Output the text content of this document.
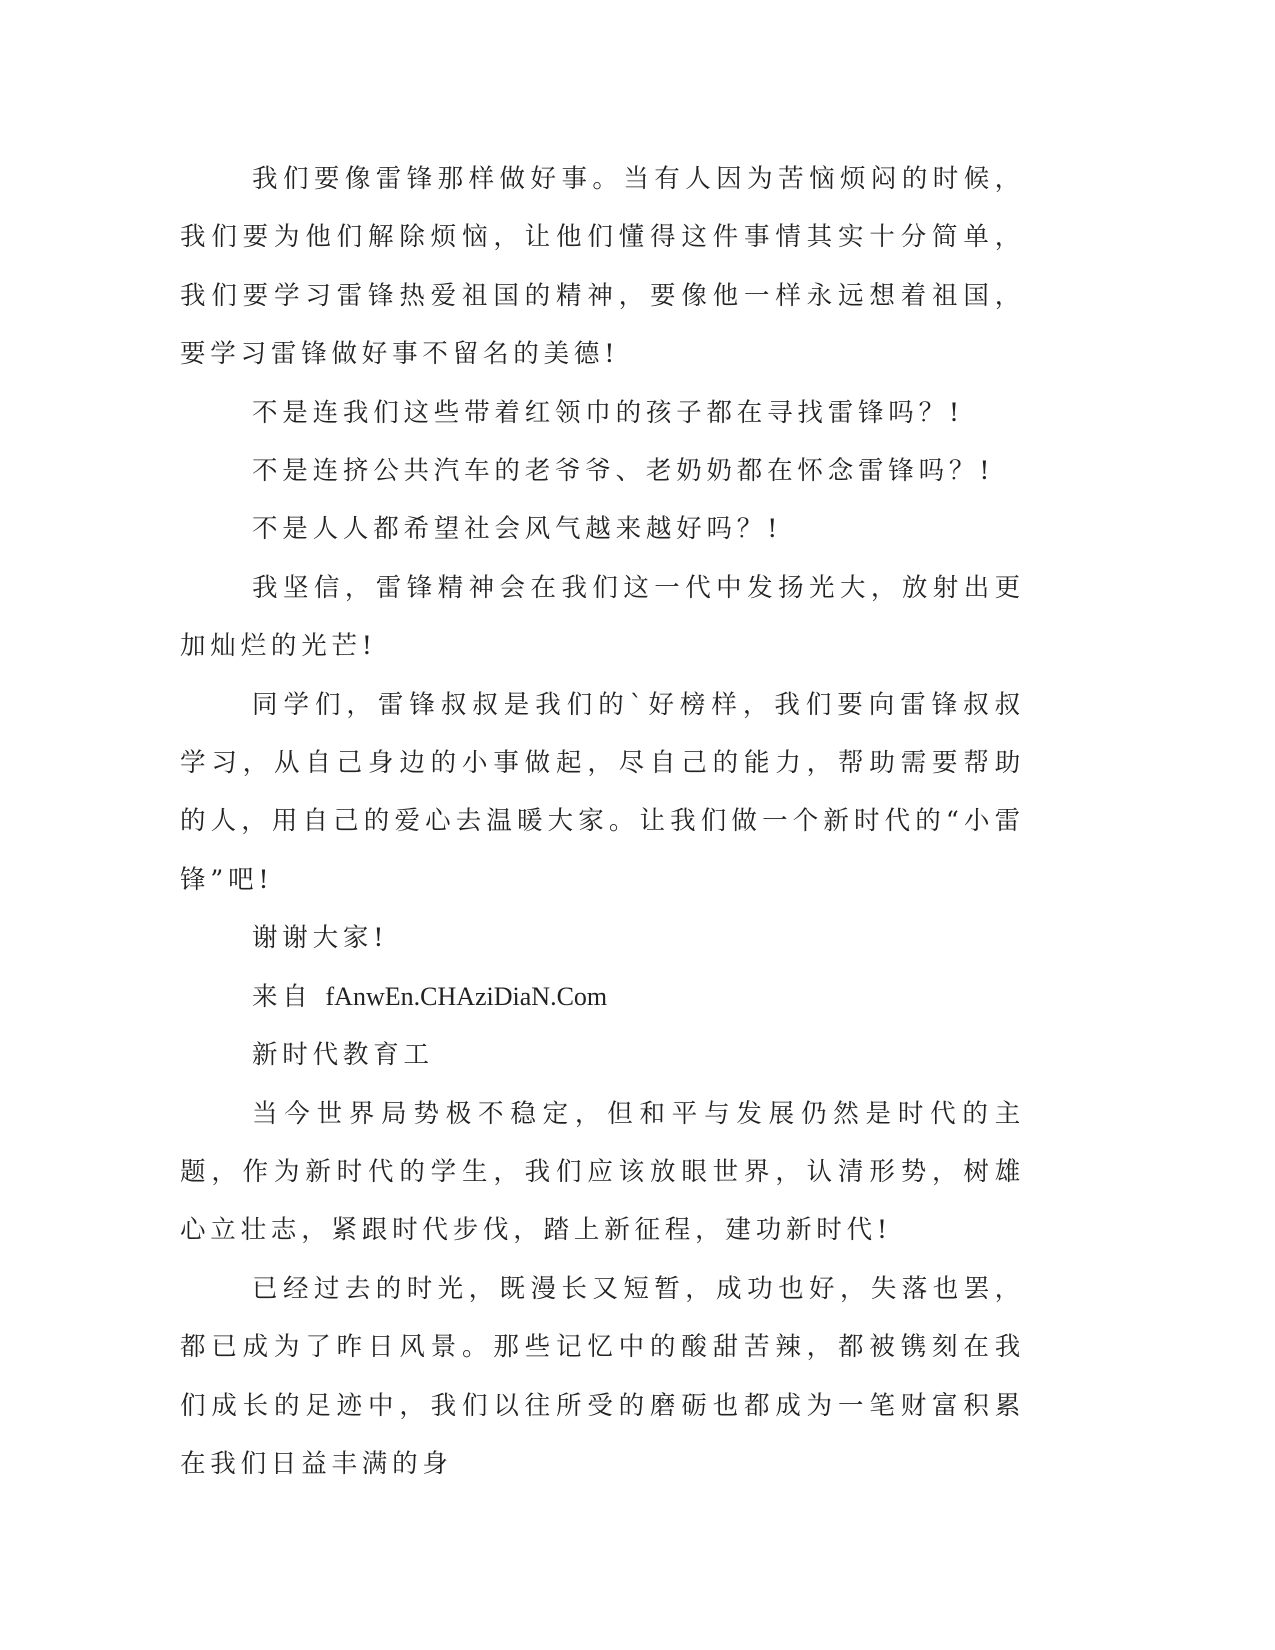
我们要像雷锋那样做好事。当有人因为苦恼烦闷的时候，我们要为他们解除烦恼，让他们懂得这件事情其实十分简单，我们要学习雷锋热爱祖国的精神，要像他一样永远想着祖国，要学习雷锋做好事不留名的美德!

不是连我们这些带着红领巾的孩子都在寻找雷锋吗？!

不是连挤公共汽车的老爷爷、老奶奶都在怀念雷锋吗？!

不是人人都希望社会风气越来越好吗？!

我坚信，雷锋精神会在我们这一代中发扬光大，放射出更加灿烂的光芒!

同学们，雷锋叔叔是我们的`好榜样，我们要向雷锋叔叔学习，从自己身边的小事做起，尽自己的能力，帮助需要帮助的人，用自己的爱心去温暖大家。让我们做一个新时代的“小雷锋”吧!

谢谢大家!

来自 fAnwEn.CHAziDiaN.Com

新时代教育工

当今世界局势极不稳定，但和平与发展仍然是时代的主题，作为新时代的学生，我们应该放眼世界，认清形势，树雄心立壮志，紧跟时代步伐，踏上新征程，建功新时代!

已经过去的时光，既漫长又短暂，成功也好，失落也罢，都已成为了昨日风景。那些记忆中的酸甜苦辣，都被镌刻在我们成长的足迹中，我们以往所受的磨砺也都成为一笔财富积累在我们日益丰满的身
